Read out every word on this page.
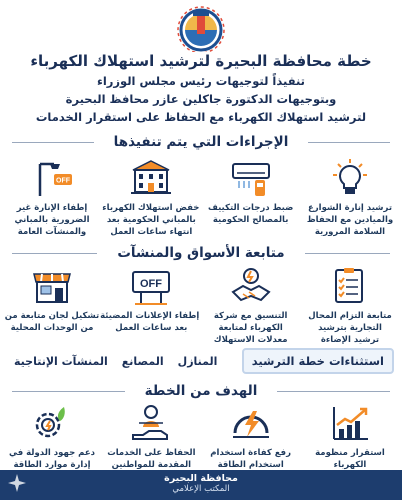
خطة محافظة البحيرة لترشيد استهلاك الكهرباء
تنفيذاً لتوجيهات رئيس مجلس الوزراء
وبتوجيهات الدكتورة جاكلين عازر محافظ البحيرة
لترشيد استهلاك الكهرباء مع الحفاظ على استقرار الخدمات
الإجراءات التي يتم تنفيذها
ترشيد إنارة الشوارع
والميادين مع الحفاظ
السلامة المرورية
ضبط درجات التكييف
بالمصالح الحكومية
خفض استهلاك الكهرباء
بالمباني الحكومية بعد
انتهاء ساعات العمل
OFF
إطفاء الإنارة غير
الضرورية بالمباني
والمنشآت العامة
متابعة الأسواق والمنشآت
متابعة التزام المحال
التجارية بترشيد
ترشيد الإضاءة
التنسيق مع شركة
الكهرباء لمتابعة
معدلات الاستهلاك
OFF
إطفاء الإعلانات المضيئة
بعد ساعات العمل
تشكيل لجان متابعة من
من الوحدات المحلية
استثناءات خطة الترشيد
المنازل
المصانع
المنشآت الإنتاجية
الهدف من الخطة
استقرار منظومة
الكهرباء
رفع كفاءة استخدام
استخدام الطاقة
الحفاظ على الخدمات
المقدمة للمواطنين
دعم جهود الدولة في
إدارة موارد الطاقة
محافظة البحيرة
المكتب الإعلامي
